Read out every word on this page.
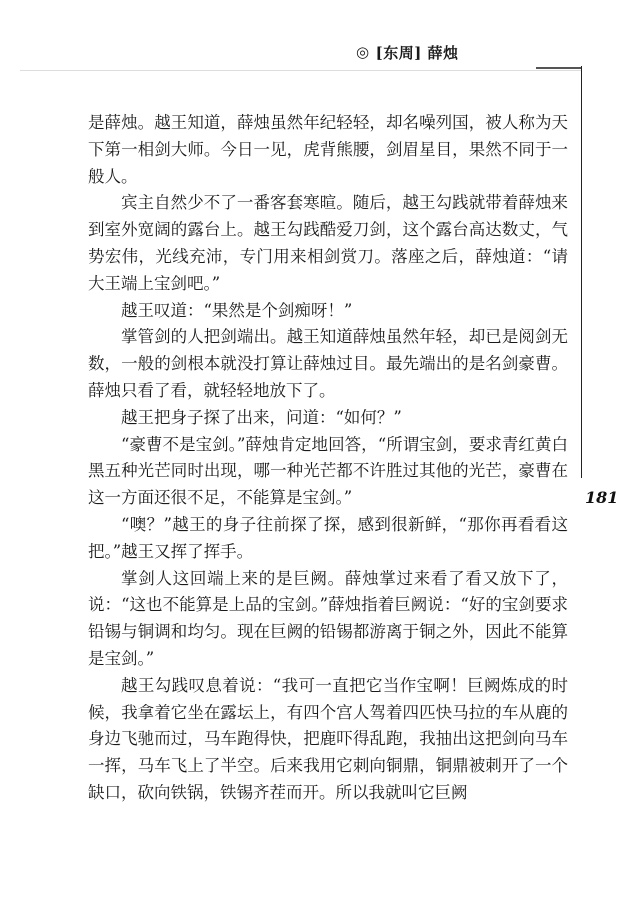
◎ [东周] 薛烛
181

是薛烛。越王知道，薛烛虽然年纪轻轻，却名噪列国，被人称为天下第一相剑大师。今日一见，虎背熊腰，剑眉星目，果然不同于一般人。

宾主自然少不了一番客套寒暄。随后，越王勾践就带着薛烛来到室外宽阔的露台上。越王勾践酷爱刀剑，这个露台高达数丈，气势宏伟，光线充沛，专门用来相剑赏刀。落座之后，薛烛道：“请大王端上宝剑吧。”

越王叹道：“果然是个剑痴呀！”

掌管剑的人把剑端出。越王知道薛烛虽然年轻，却已是阅剑无数，一般的剑根本就没打算让薛烛过目。最先端出的是名剑豪曹。薛烛只看了看，就轻轻地放下了。

越王把身子探了出来，问道：“如何？”

“豪曹不是宝剑。”薛烛肯定地回答，“所谓宝剑，要求青红黄白黑五种光芒同时出现，哪一种光芒都不许胜过其他的光芒，豪曹在这一方面还很不足，不能算是宝剑。”

“噢？”越王的身子往前探了探，感到很新鲜，“那你再看看这把。”越王又挥了挥手。

掌剑人这回端上来的是巨阙。薛烛掌过来看了看又放下了，说：“这也不能算是上品的宝剑。”薛烛指着巨阙说：“好的宝剑要求铅锡与铜调和均匀。现在巨阙的铅锡都游离于铜之外，因此不能算是宝剑。”

越王勾践叹息着说：“我可一直把它当作宝啊！巨阙炼成的时候，我拿着它坐在露坛上，有四个宫人驾着四匹快马拉的车从鹿的身边飞驰而过，马车跑得快，把鹿吓得乱跑，我抽出这把剑向马车一挥，马车飞上了半空。后来我用它刺向铜鼎，铜鼎被刺开了一个缺口，砍向铁锅，铁锡齐茬而开。所以我就叫它巨阙
